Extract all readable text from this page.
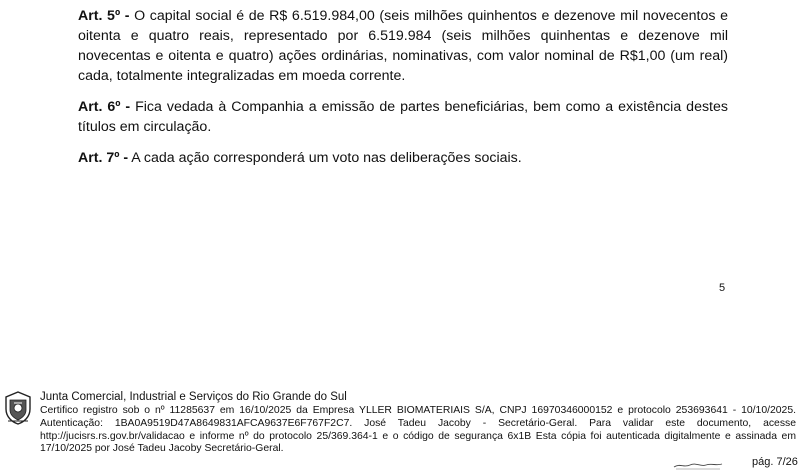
Art. 5º - O capital social é de R$ 6.519.984,00 (seis milhões quinhentos e dezenove mil novecentos e oitenta e quatro reais, representado por 6.519.984 (seis milhões quinhentas e dezenove mil novecentas e oitenta e quatro) ações ordinárias, nominativas, com valor nominal de R$1,00 (um real) cada, totalmente integralizadas em moeda corrente.

Art. 6º - Fica vedada à Companhia a emissão de partes beneficiárias, bem como a existência destes títulos em circulação.

Art. 7º - A cada ação corresponderá um voto nas deliberações sociais.

5
Junta Comercial, Industrial e Serviços do Rio Grande do Sul
Certifico registro sob o nº 11285637 em 16/10/2025 da Empresa YLLER BIOMATERIAIS S/A, CNPJ 16970346000152 e protocolo 253693641 - 10/10/2025. Autenticação: 1BA0A9519D47A8649831AFCA9637E6F767F2C7. José Tadeu Jacoby - Secretário-Geral. Para validar este documento, acesse http://jucisrs.rs.gov.br/validacao e informe nº do protocolo 25/369.364-1 e o código de segurança 6x1B Esta cópia foi autenticada digitalmente e assinada em 17/10/2025 por José Tadeu Jacoby Secretário-Geral.
pág. 7/26
